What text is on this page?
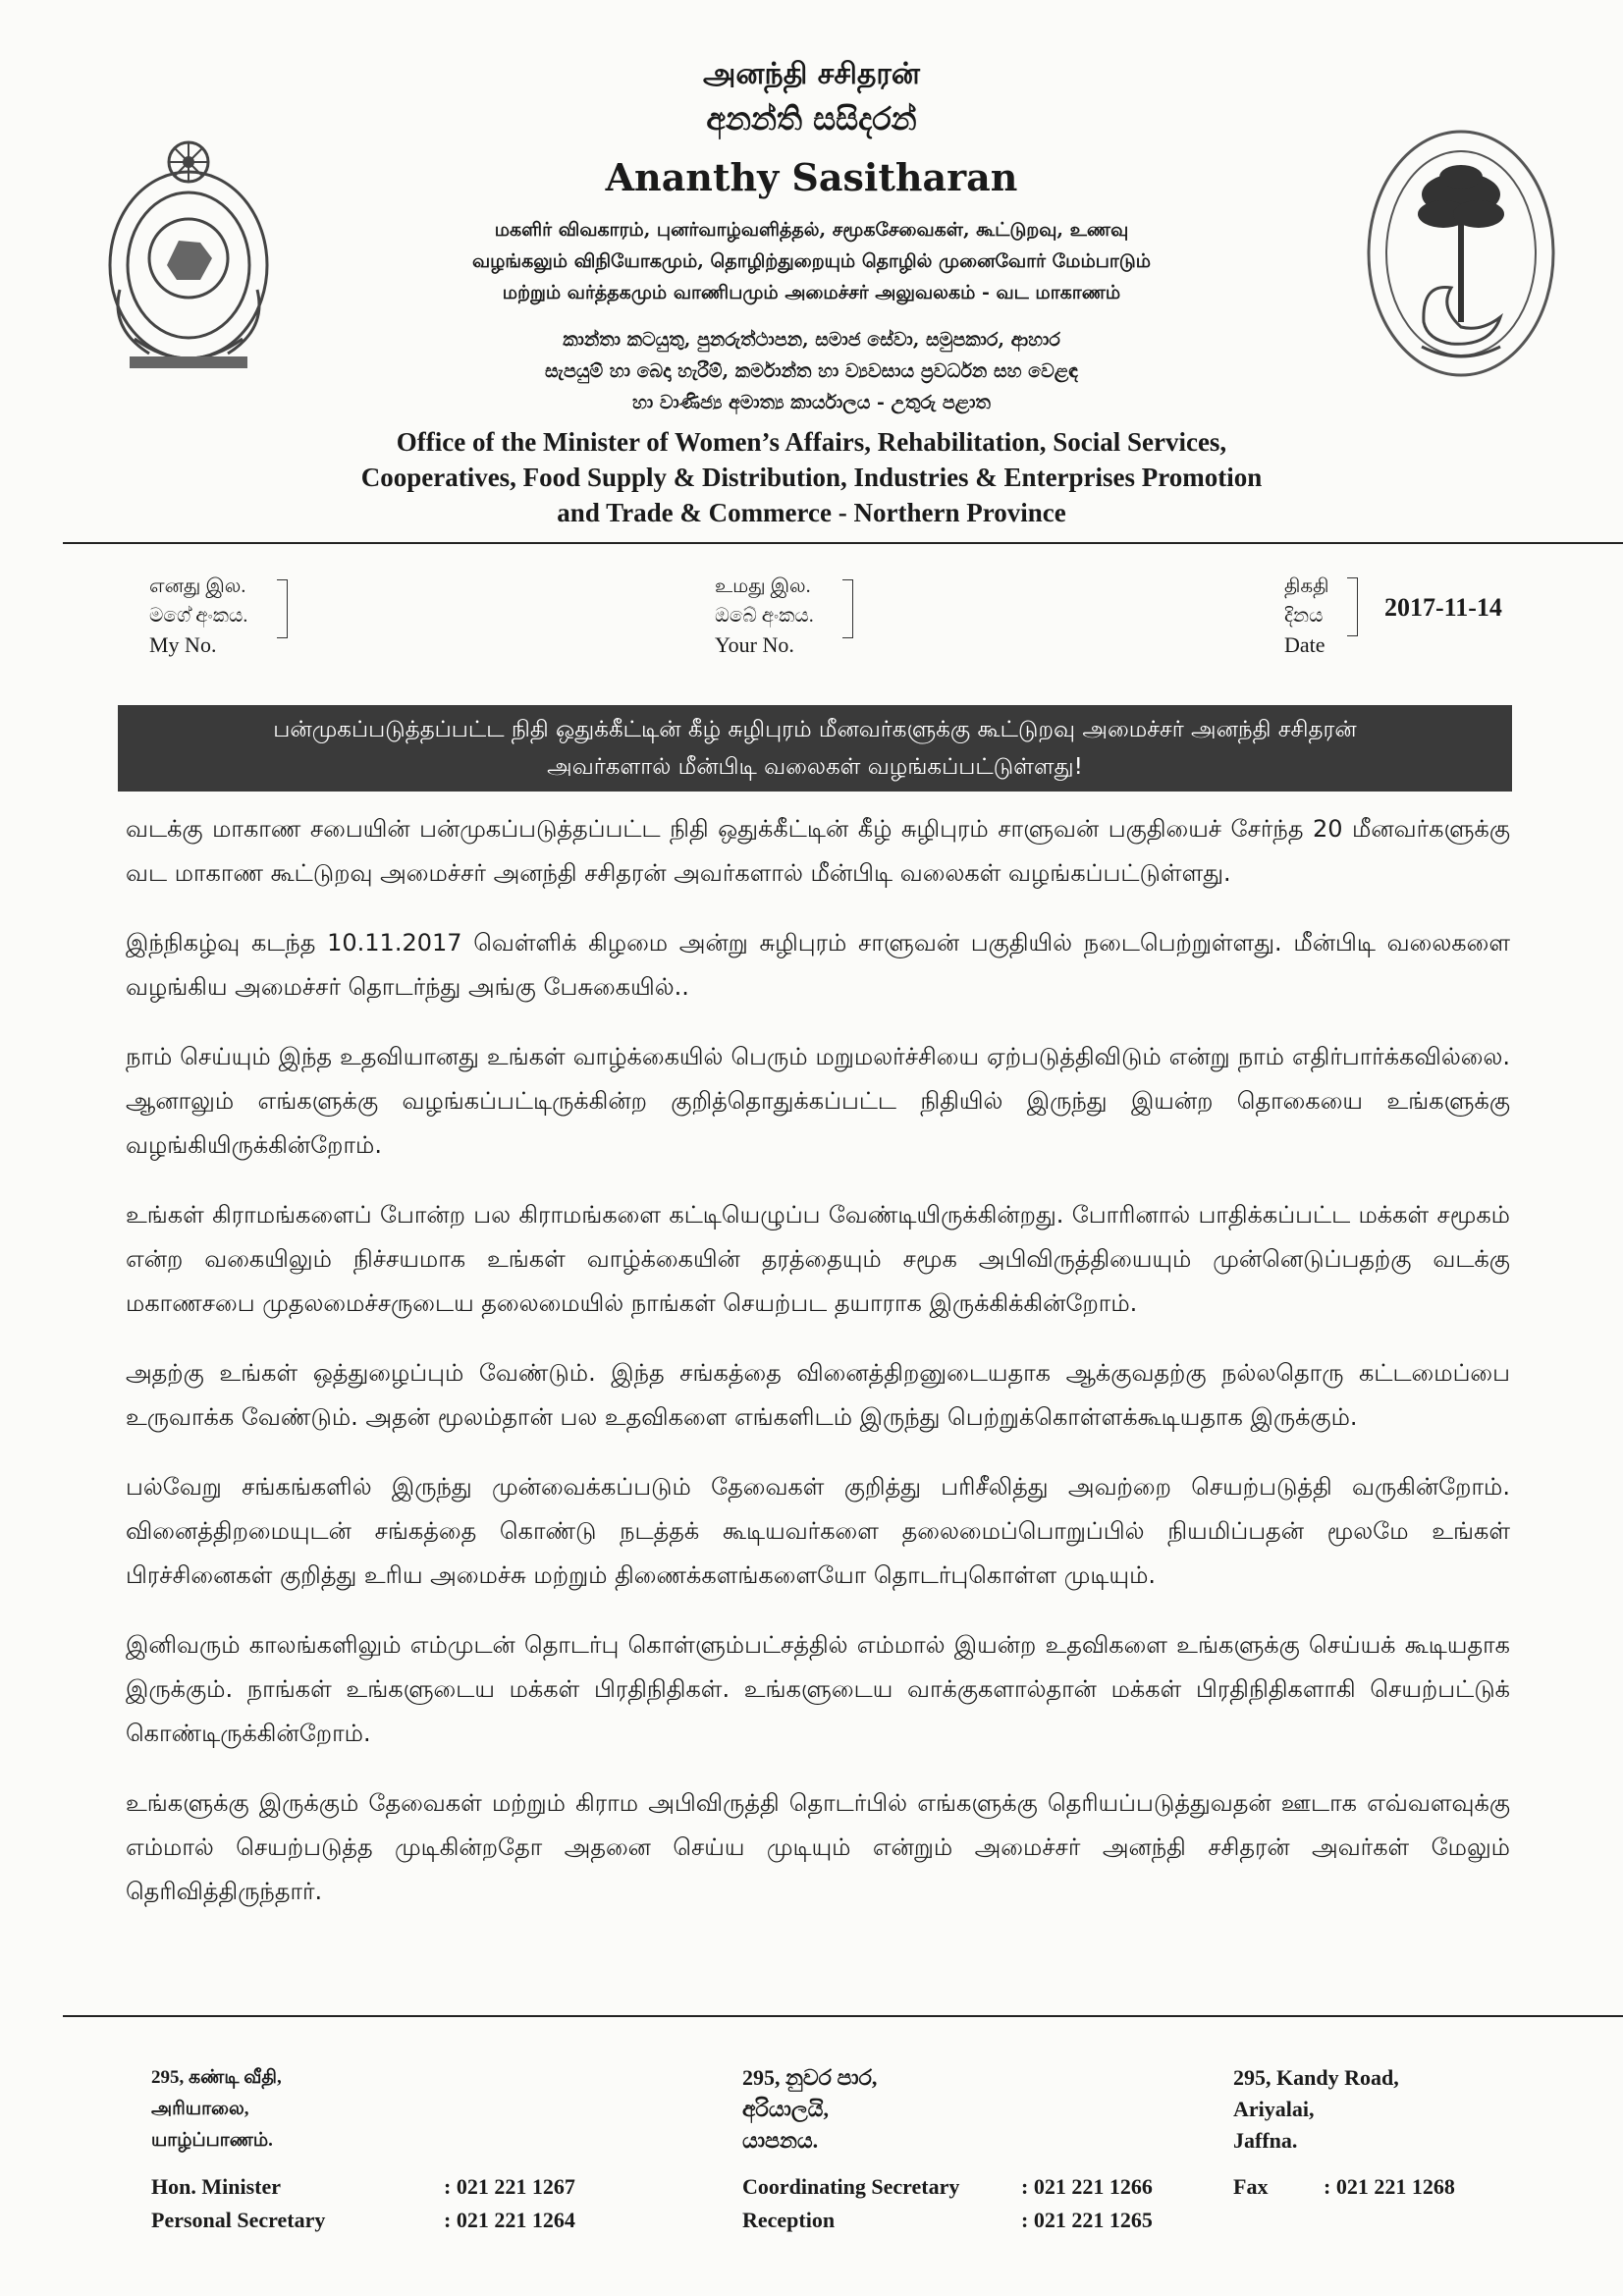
அனந்தி சசிதரன்
අනන්ති සසිදරන්
Ananthy Sasitharan
மகளிர் விவகாரம், புனர்வாழ்வளித்தல், சமூகசேவைகள், கூட்டுறவு, உணவு
வழங்கலும் விநியோகமும், தொழிற்துறையும் தொழில் முனைவோர் மேம்பாடும்
மற்றும் வர்த்தகமும் வாணிபமும் அமைச்சர் அலுவலகம் - வட மாகாணம்
කාන්තා කටයුතු, පුනරුත්ථාපන, සමාජ සේවා, සමුපකාර, ආහාර
සැපයුම් හා බෙදා හැරීම්, කර්මාන්ත හා ව්‍යවසාය ප්‍රවර්ධන සහ වෙළඳ
හා වාණිජ්‍ය අමාත්‍ය කාර්යාලය - උතුරු පළාත
Office of the Minister of Women’s Affairs, Rehabilitation, Social Services,
Cooperatives, Food Supply & Distribution, Industries & Enterprises Promotion
and Trade & Commerce - Northern Province
எனது இல.
මගේ අංකය.
My No.
உமது இல.
ඔබේ අංකය.
Your No.
திகதி
දිනය
Date
2017-11-14
பன்முகப்படுத்தப்பட்ட நிதி ஒதுக்கீட்டின் கீழ் சுழிபுரம் மீனவர்களுக்கு கூட்டுறவு அமைச்சர் அனந்தி சசிதரன்
அவர்களால் மீன்பிடி வலைகள் வழங்கப்பட்டுள்ளது!

வடக்கு மாகாண சபையின் பன்முகப்படுத்தப்பட்ட நிதி ஒதுக்கீட்டின் கீழ் சுழிபுரம் சாளுவன் பகுதியைச் சேர்ந்த 20 மீனவர்களுக்கு வட மாகாண கூட்டுறவு அமைச்சர் அனந்தி சசிதரன் அவர்களால் மீன்பிடி வலைகள் வழங்கப்பட்டுள்ளது.

இந்நிகழ்வு கடந்த 10.11.2017 வெள்ளிக் கிழமை அன்று சுழிபுரம் சாளுவன் பகுதியில் நடைபெற்றுள்ளது. மீன்பிடி வலைகளை வழங்கிய அமைச்சர் தொடர்ந்து அங்கு பேசுகையில்..

நாம் செய்யும் இந்த உதவியானது உங்கள் வாழ்க்கையில் பெரும் மறுமலர்ச்சியை ஏற்படுத்திவிடும் என்று நாம் எதிர்பார்க்கவில்லை. ஆனாலும் எங்களுக்கு வழங்கப்பட்டிருக்கின்ற குறித்தொதுக்கப்பட்ட நிதியில் இருந்து இயன்ற தொகையை உங்களுக்கு வழங்கியிருக்கின்றோம்.

உங்கள் கிராமங்களைப் போன்ற பல கிராமங்களை கட்டியெழுப்ப வேண்டியிருக்கின்றது. போரினால் பாதிக்கப்பட்ட மக்கள் சமூகம் என்ற வகையிலும் நிச்சயமாக உங்கள் வாழ்க்கையின் தரத்தையும் சமூக அபிவிருத்தியையும் முன்னெடுப்பதற்கு வடக்கு மகாணசபை முதலமைச்சருடைய தலைமையில் நாங்கள் செயற்பட தயாராக இருக்கிக்கின்றோம்.

அதற்கு உங்கள் ஒத்துழைப்பும் வேண்டும். இந்த சங்கத்தை வினைத்திறனுடையதாக ஆக்குவதற்கு நல்லதொரு கட்டமைப்பை உருவாக்க வேண்டும். அதன் மூலம்தான் பல உதவிகளை எங்களிடம் இருந்து பெற்றுக்கொள்ளக்கூடியதாக இருக்கும்.

பல்வேறு சங்கங்களில் இருந்து முன்வைக்கப்படும் தேவைகள் குறித்து பரிசீலித்து அவற்றை செயற்படுத்தி வருகின்றோம். வினைத்திறமையுடன் சங்கத்தை கொண்டு நடத்தக் கூடியவர்களை தலைமைப்பொறுப்பில் நியமிப்பதன் மூலமே உங்கள் பிரச்சினைகள் குறித்து உரிய அமைச்சு மற்றும் திணைக்களங்களையோ தொடர்புகொள்ள முடியும்.

இனிவரும் காலங்களிலும் எம்முடன் தொடர்பு கொள்ளும்பட்சத்தில் எம்மால் இயன்ற உதவிகளை உங்களுக்கு செய்யக் கூடியதாக இருக்கும். நாங்கள் உங்களுடைய மக்கள் பிரதிநிதிகள். உங்களுடைய வாக்குகளால்தான் மக்கள் பிரதிநிதிகளாகி செயற்பட்டுக் கொண்டிருக்கின்றோம்.

உங்களுக்கு இருக்கும் தேவைகள் மற்றும் கிராம அபிவிருத்தி தொடர்பில் எங்களுக்கு தெரியப்படுத்துவதன் ஊடாக எவ்வளவுக்கு எம்மால் செயற்படுத்த முடிகின்றதோ அதனை செய்ய முடியும் என்றும் அமைச்சர் அனந்தி சசிதரன் அவர்கள் மேலும் தெரிவித்திருந்தார்.

295, கண்டி வீதி,
அரியாலை,
யாழ்ப்பாணம்.
295, නුවර පාර,
අරියාලයි,
යාපනය.
295, Kandy Road,
Ariyalai,
Jaffna.
Hon. Minister	: 021 221 1267
Personal Secretary	: 021 221 1264
Coordinating Secretary	: 021 221 1266
Reception	: 021 221 1265
Fax	: 021 221 1268
